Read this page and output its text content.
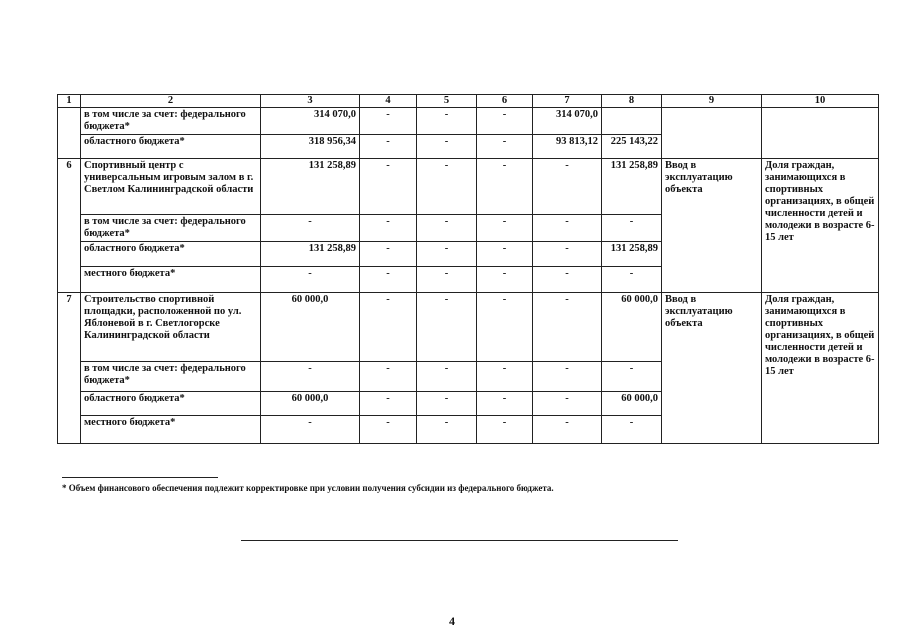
1	2	3	4	5	6	7	8	9	10
	в том числе за счет: федерального бюджета*	314 070,0	-	-	-	314 070,0			
	областного бюджета*	318 956,34	-	-	-	93 813,12	225 143,22		
6	Спортивный центр с универсальным игровым залом в г. Светлом Калининградской области	131 258,89	-	-	-	-	131 258,89	Ввод в эксплуатацию объекта	Доля граждан, занимающихся в спортивных организациях, в общей численности детей и молодежи в возрасте 6-15 лет
	в том числе за счет: федерального бюджета*	-	-	-	-	-	-		
	областного бюджета*	131 258,89	-	-	-	-	131 258,89		
	местного бюджета*	-	-	-	-	-	-		
7	Строительство спортивной площадки, расположенной по ул. Яблоневой в г. Светлогорске Калининградской области	60 000,0	-	-	-	-	60 000,0	Ввод в эксплуатацию объекта	Доля граждан, занимающихся в спортивных организациях, в общей численности детей и молодежи в возрасте 6-15 лет
	в том числе за счет: федерального бюджета*	-	-	-	-	-	-		
	областного бюджета*	60 000,0	-	-	-	-	60 000,0		
	местного бюджета*	-	-	-	-	-	-		
* Объем финансового обеспечения подлежит корректировке при условии получения субсидии из федерального бюджета.
4
